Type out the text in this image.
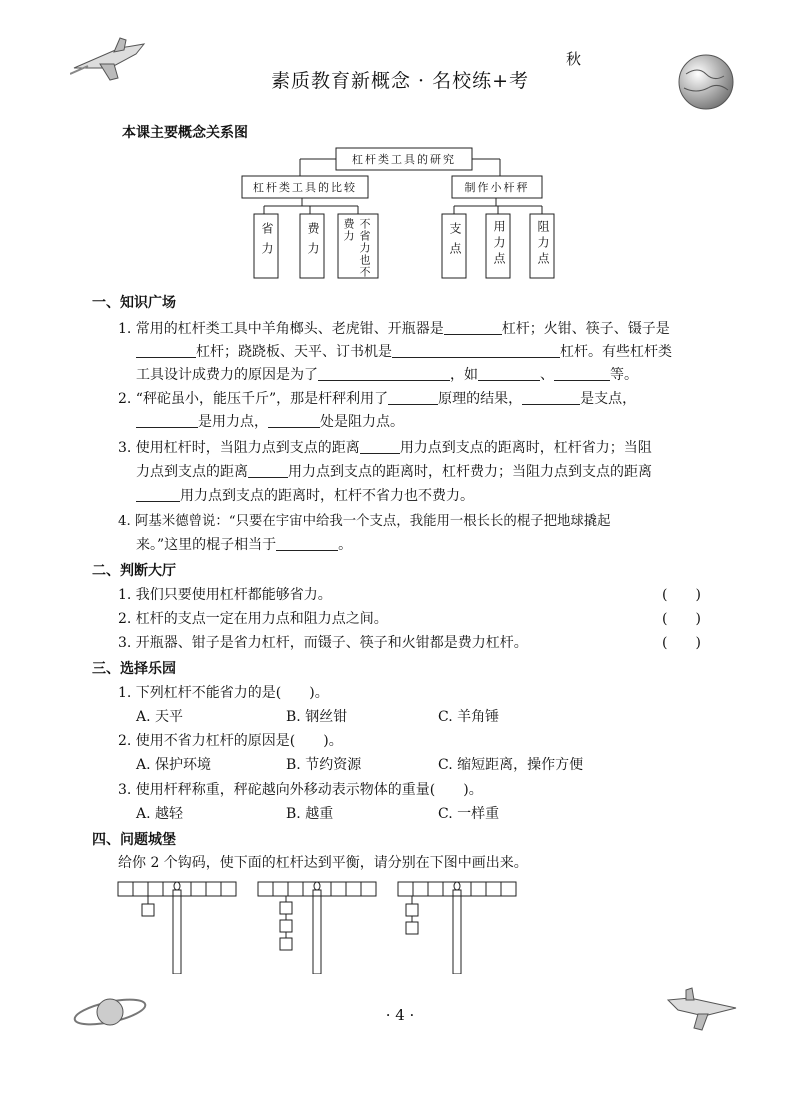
秋
素质教育新概念 · 名校练+考
本课主要概念关系图
杠杆类工具的研究
杠杆类工具的比较	制作小杆秤
省力	费力	不省力也不费力	支点	用力点	阻力点
一、知识广场
1. 常用的杠杆类工具中羊角榔头、老虎钳、开瓶器是	杠杆；火钳、筷子、镊子是
杠杆；跷跷板、天平、订书机是	杠杆。有些杠杆类
工具设计成费力的原因是为了	，如	、	等。
2. “秤砣虽小，能压千斤”，那是杆秤利用了	原理的结果，	是支点，
是用力点，	处是阻力点。
3. 使用杠杆时，当阻力点到支点的距离	用力点到支点的距离时，杠杆省力；当阻
力点到支点的距离	用力点到支点的距离时，杠杆费力；当阻力点到支点的距离
用力点到支点的距离时，杠杆不省力也不费力。
4. 阿基米德曾说：“只要在宇宙中给我一个支点，我能用一根长长的棍子把地球撬起
来。”这里的棍子相当于	。
二、判断大厅
1. 我们只要使用杠杆都能够省力。	(　　)
2. 杠杆的支点一定在用力点和阻力点之间。	(　　)
3. 开瓶器、钳子是省力杠杆，而镊子、筷子和火钳都是费力杠杆。	(　　)
三、选择乐园
1. 下列杠杆不能省力的是(　　)。
A. 天平	B. 钢丝钳	C. 羊角锤
2. 使用不省力杠杆的原因是(　　)。
A. 保护环境	B. 节约资源	C. 缩短距离，操作方便
3. 使用杆秤称重，秤砣越向外移动表示物体的重量(　　)。
A. 越轻	B. 越重	C. 一样重
四、问题城堡
给你 2 个钩码，使下面的杠杆达到平衡，请分别在下图中画出来。
· 4 ·
